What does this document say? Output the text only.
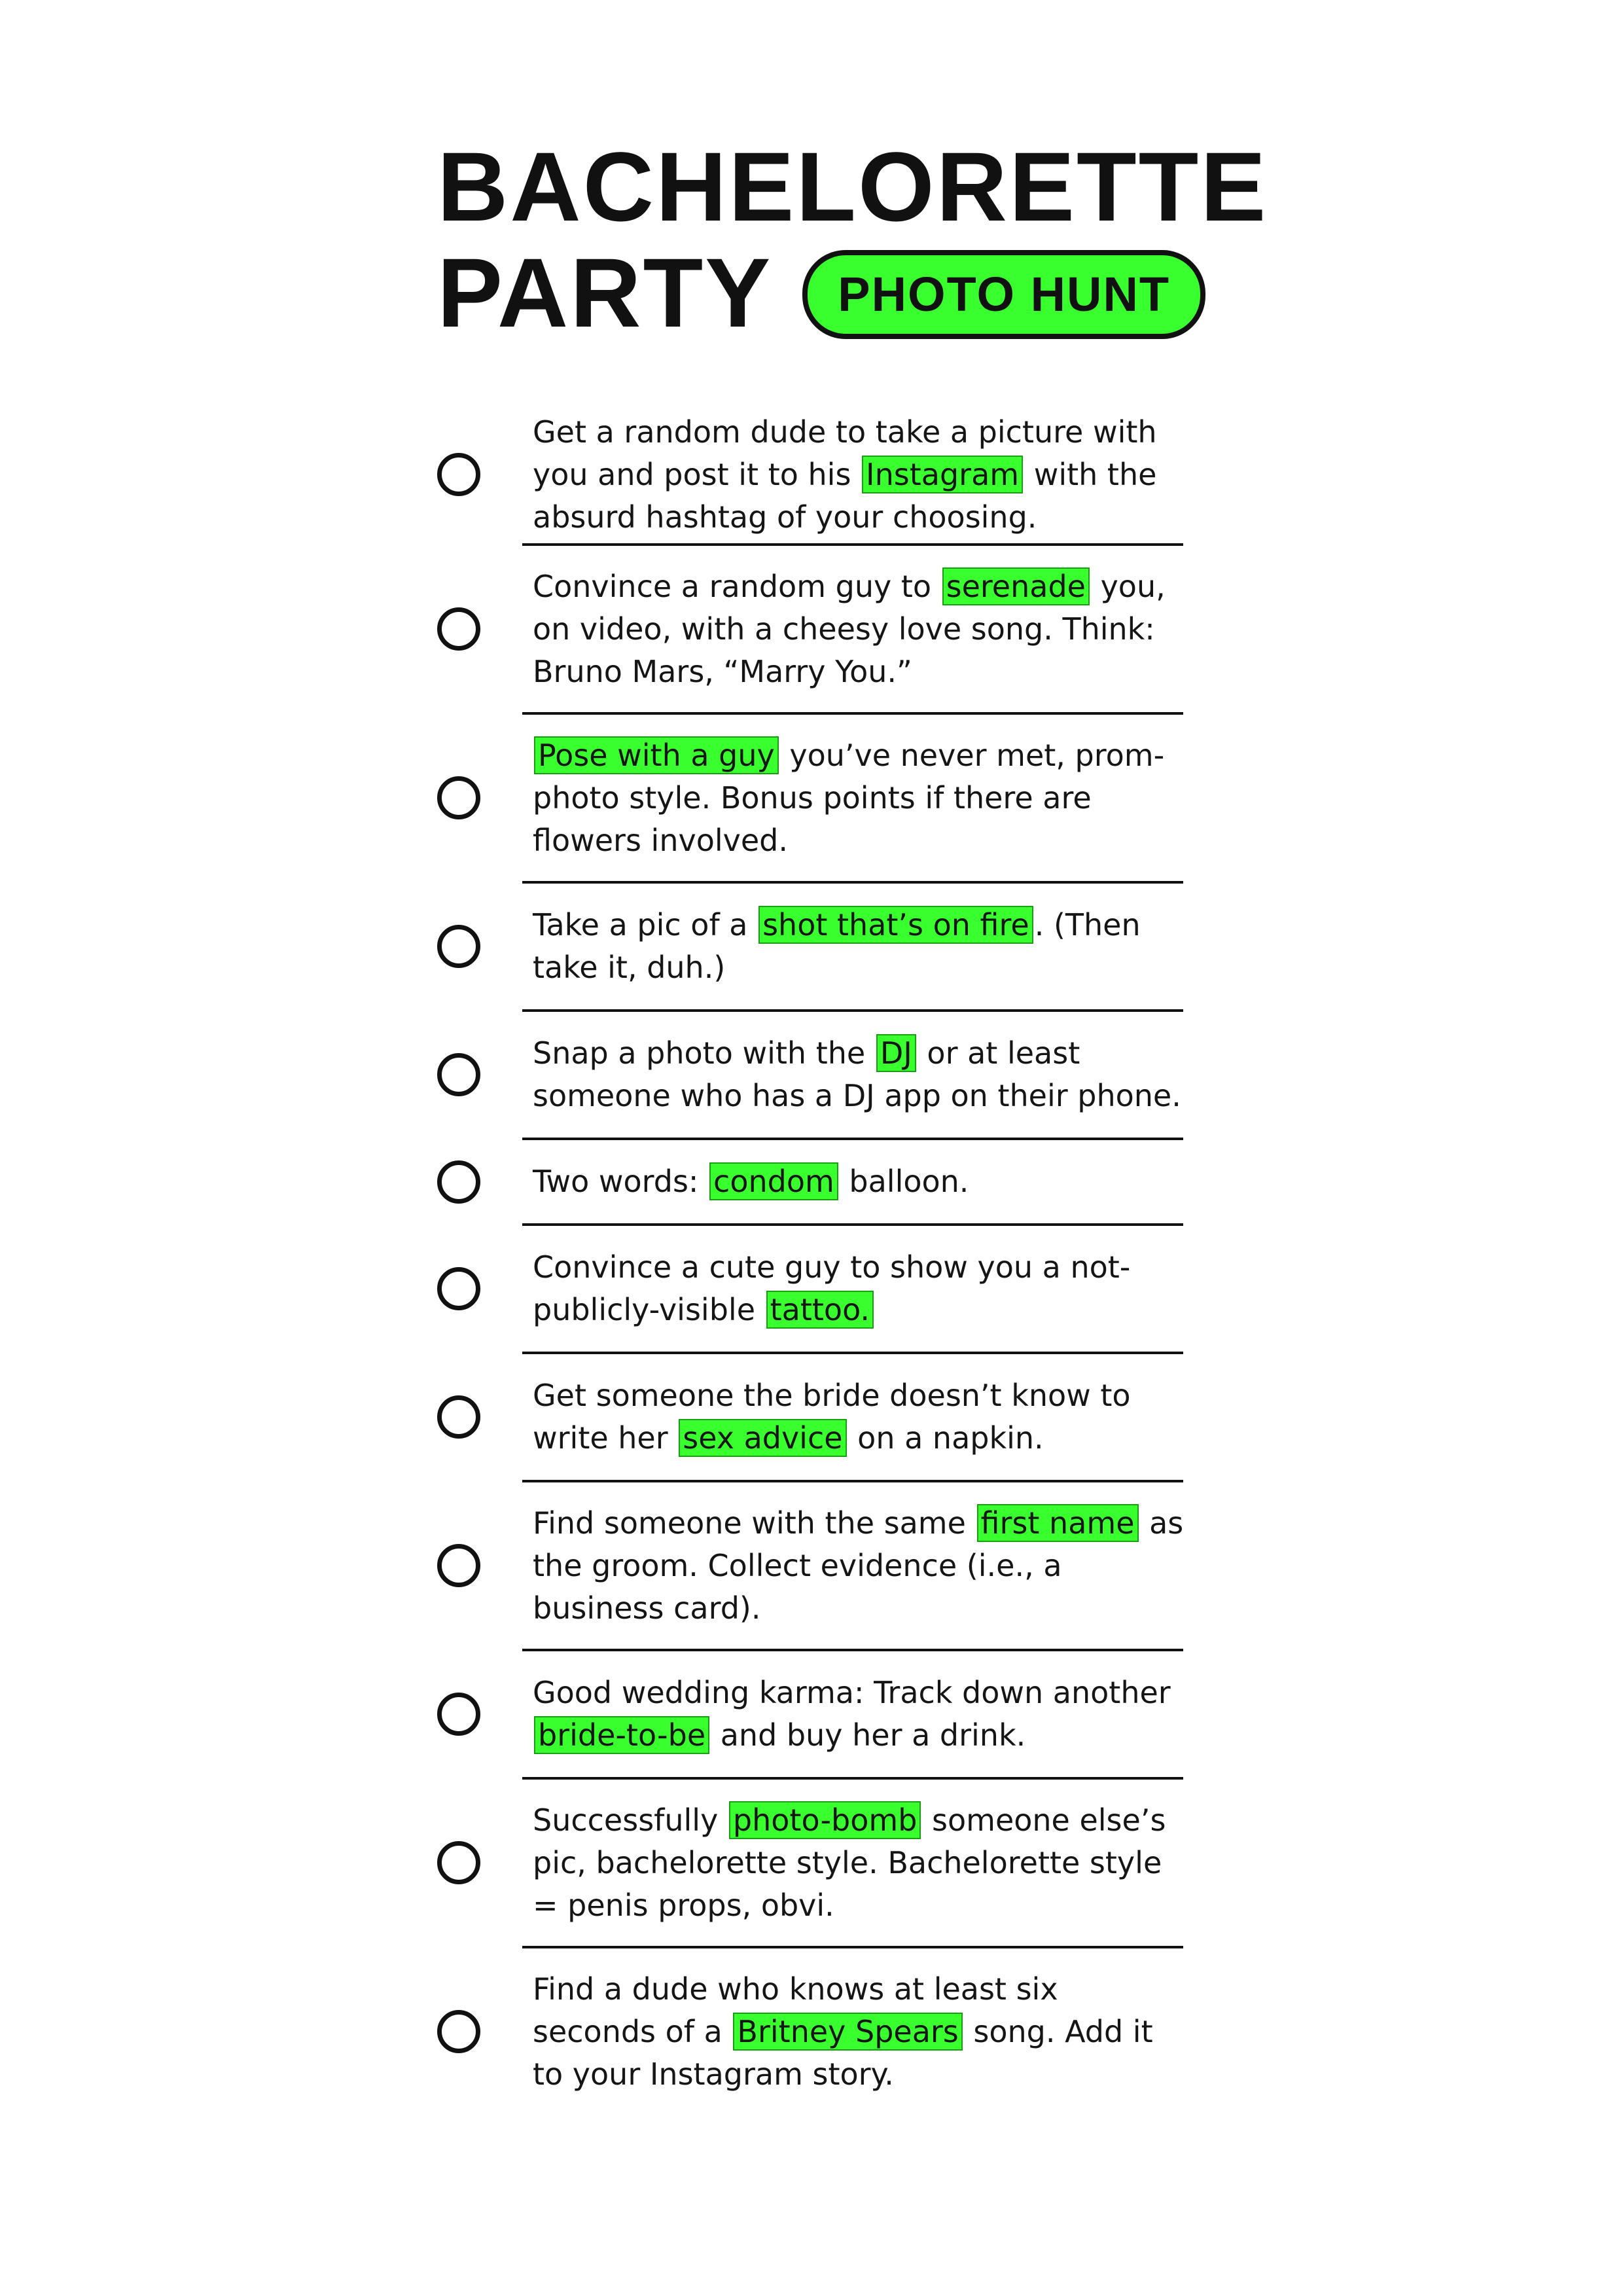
BACHELORETTE
PARTY	PHOTO HUNT
Get a random dude to take a picture with you and post it to his Instagram with the absurd hashtag of your choosing.
Convince a random guy to serenade you, on video, with a cheesy love song. Think: Bruno Mars, “Marry You.”
Pose with a guy you’ve never met, prom-photo style. Bonus points if there are flowers involved.
Take a pic of a shot that’s on fire . (Then take it, duh.)
Snap a photo with the DJ or at least someone who has a DJ app on their phone.
Two words: condom balloon.
Convince a cute guy to show you a not-publicly-visible tattoo.
Get someone the bride doesn’t know to write her sex advice on a napkin.
Find someone with the same first name as the groom. Collect evidence (i.e., a business card).
Good wedding karma: Track down another bride-to-be and buy her a drink.
Successfully photo-bomb someone else’s pic, bachelorette style. Bachelorette style = penis props, obvi.
Find a dude who knows at least six seconds of a Britney Spears song. Add it to your Instagram story.
